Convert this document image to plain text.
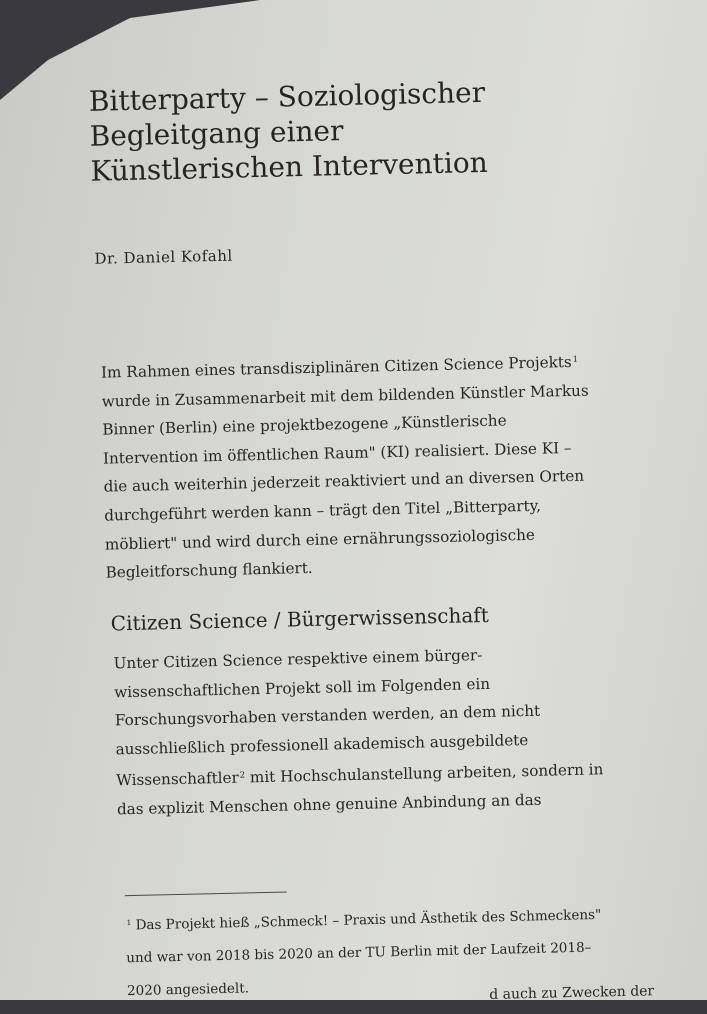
Bitterparty – Soziologischer
Begleitgang einer
Künstlerischen Intervention
Dr. Daniel Kofahl
Im Rahmen eines transdisziplinären Citizen Science Projekts$^1$
wurde in Zusammenarbeit mit dem bildenden Künstler Markus
Binner (Berlin) eine projektbezogene „Künstlerische
Intervention im öffentlichen Raum" (KI) realisiert. Diese KI –
die auch weiterhin jederzeit reaktiviert und an diversen Orten
durchgeführt werden kann – trägt den Titel „Bitterparty,
möbliert" und wird durch eine ernährungssoziologische
Begleitforschung flankiert.
Citizen Science / Bürgerwissenschaft
Unter Citizen Science respektive einem bürger-
wissenschaftlichen Projekt soll im Folgenden ein
Forschungsvorhaben verstanden werden, an dem nicht
ausschließlich professionell akademisch ausgebildete
Wissenschaftler$^2$ mit Hochschulanstellung arbeiten, sondern in
das explizit Menschen ohne genuine Anbindung an das
$^1$ Das Projekt hieß „Schmeck! – Praxis und Ästhetik des Schmeckens"
und war von 2018 bis 2020 an der TU Berlin mit der Laufzeit 2018–
2020 angesiedelt.	d auch zu Zwecken der
